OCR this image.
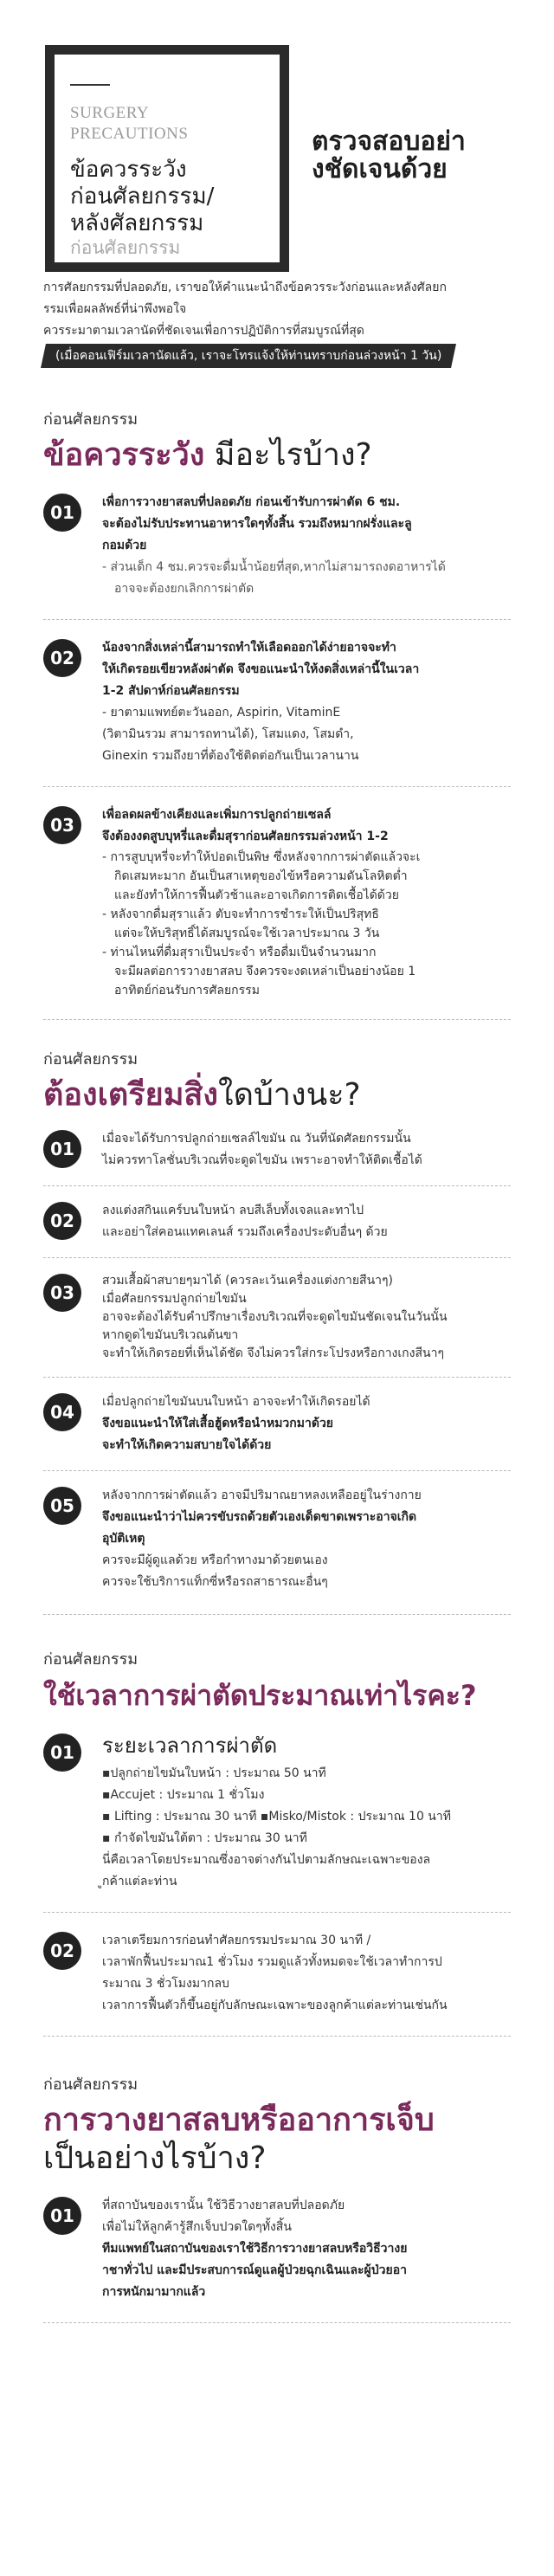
SURGERY
PRECAUTIONS
ข้อควรระวัง
ก่อนศัลยกรรม/
หลังศัลยกรรม
ก่อนศัลยกรรม
ตรวจสอบอย่า
งชัดเจนด้วย
การศัลยกรรมที่ปลอดภัย, เราขอให้คำแนะนำถึงข้อควรระวังก่อนและหลังศัลยก
รรมเพื่อผลลัพธ์ที่น่าพึงพอใจ
ควรระมาตามเวลานัดที่ชัดเจนเพื่อการปฏิบัติการที่สมบูรณ์ที่สุด
(เมื่อคอนเฟิร์มเวลานัดแล้ว, เราจะโทรแจ้งให้ท่านทราบก่อนล่วงหน้า 1 วัน)
ก่อนศัลยกรรม
ข้อควรระวัง มีอะไรบ้าง?
01	เพื่อการวางยาสลบที่ปลอดภัย ก่อนเข้ารับการผ่าตัด 6 ชม.
จะต้องไม่รับประทานอาหารใดๆทั้งสิ้น รวมถึงหมากฝรั่งและลู
กอมด้วย
- ส่วนเด็ก 4 ชม.ควรจะดื่มน้ำน้อยที่สุด,หากไม่สามารถงดอาหารได้
อาจจะต้องยกเลิกการผ่าตัด
02	น้องจากสิ่งเหล่านี้สามารถทำให้เลือดออกได้ง่ายอาจจะทำ
ให้เกิดรอยเขียวหลังผ่าตัด จึงขอแนะนำให้งดสิ่งเหล่านี้ในเวลา
1-2 สัปดาห์ก่อนศัลยกรรม
- ยาตามแพทย์ตะวันออก, Aspirin, VitaminE
(วิตามินรวม สามารถทานได้), โสมแดง, โสมดำ,
Ginexin รวมถึงยาที่ต้องใช้ติดต่อกันเป็นเวลานาน
03	เพื่อลดผลข้างเคียงและเพิ่มการปลูกถ่ายเซลล์
จึงต้องงดสูบบุหรี่และดื่มสุราก่อนศัลยกรรมล่วงหน้า 1-2
- การสูบบุหรี่จะทำให้ปอดเป็นพิษ ซึ่งหลังจากการผ่าตัดแล้วจะเ
กิดเสมหะมาก อันเป็นสาเหตุของไข้หรือความดันโลหิตต่ำ
และยังทำให้การฟื้นตัวช้าและอาจเกิดการติดเชื้อได้ด้วย
- หลังจากดื่มสุราแล้ว ตับจะทำการชำระให้เป็นปริสุทธิ
แต่จะให้บริสุทธิ์ได้สมบูรณ์จะใช้เวลาประมาณ 3 วัน
- ท่านไหนที่ดื่มสุราเป็นประจำ หรือดื่มเป็นจำนวนมาก
จะมีผลต่อการวางยาสลบ จึงควรจะงดเหล่าเป็นอย่างน้อย 1
อาทิตย์ก่อนรับการศัลยกรรม
ก่อนศัลยกรรม
ต้องเตรียมสิ่งใดบ้างนะ?
01	เมื่อจะได้รับการปลูกถ่ายเซลล์ไขมัน ณ วันที่นัดศัลยกรรมนั้น
ไม่ควรทาโลชั่นบริเวณที่จะดูดไขมัน เพราะอาจทำให้ติดเชื้อได้
02	ลงแต่งสกินแคร์บนใบหน้า ลบสีเล็บทั้งเจลและทาไป
และอย่าใส่คอนแทคเลนส์ รวมถึงเครื่องประดับอื่นๆ ด้วย
03
สวมเสื้อผ้าสบายๆมาได้ (ควรละเว้นเครื่องแต่งกายสีนาๆ)
เมื่อศัลยกรรมปลูกถ่ายไขมัน
อาจจะต้องได้รับคำปรึกษาเรื่องบริเวณที่จะดูดไขมันชัดเจนในวันนั้น
หากดูดไขมันบริเวณต้นขา
จะทำให้เกิดรอยที่เห็นได้ชัด จึงไม่ควรใส่กระโปรงหรือกางเกงสีนาๆ
04	เมื่อปลูกถ่ายไขมันบนใบหน้า อาจจะทำให้เกิดรอยได้
จึงขอแนะนำให้ใส่เสื้อฮู้ดหรือนำหมวกมาด้วย
จะทำให้เกิดความสบายใจได้ด้วย
05	หลังจากการผ่าตัดแล้ว อาจมีปริมาณยาหลงเหลืออยู่ในร่างกาย
จึงขอแนะนำว่าไม่ควรขับรถด้วยตัวเองเด็ดขาดเพราะอาจเกิด
อุบัติเหตุ
ควรจะมีผู้ดูแลด้วย หรือกำทางมาด้วยตนเอง
ควรจะใช้บริการแท็กซี่หรือรถสาธารณะอื่นๆ
ก่อนศัลยกรรม
ใช้เวลาการผ่าตัดประมาณเท่าไรคะ?
01	ระยะเวลาการผ่าตัด
▪ปลูกถ่ายไขมันใบหน้า : ประมาณ 50 นาที
▪Accujet : ประมาณ 1 ชั่วโมง
▪ Lifting : ประมาณ 30 นาที ▪Misko/Mistok : ประมาณ 10 นาที
▪ กำจัดไขมันใต้ตา : ประมาณ 30 นาที
นี่คือเวลาโดยประมาณซึ่งอาจต่างกันไปตามลักษณะเฉพาะของล
ูกค้าแต่ละท่าน
02	เวลาเตรียมการก่อนทำศัลยกรรมประมาณ 30 นาที /
เวลาพักฟื้นประมาณ1 ชั่วโมง รวมดูแล้วทั้งหมดจะใช้เวลาทำการป
ระมาณ 3 ชั่วโมงมากลบ
เวลาการฟื้นตัวก็ขึ้นอยู่กับลักษณะเฉพาะของลูกค้าแต่ละท่านเช่นกัน
ก่อนศัลยกรรม
การวางยาสลบหรืออาการเจ็บ
เป็นอย่างไรบ้าง?
01	ที่สถาบันของเรานั้น ใช้วิธีวางยาสลบที่ปลอดภัย
เพื่อไม่ให้ลูกค้ารู้สึกเจ็บปวดใดๆทั้งสิ้น
ทีมแพทย์ในสถาบันของเราใช้วิธีการวางยาสลบหรือวิธีวางย
าชาทั่วไป และมีประสบการณ์ดูแลผู้ป่วยฉุกเฉินและผู้ป่วยอา
การหนักมามากแล้ว
